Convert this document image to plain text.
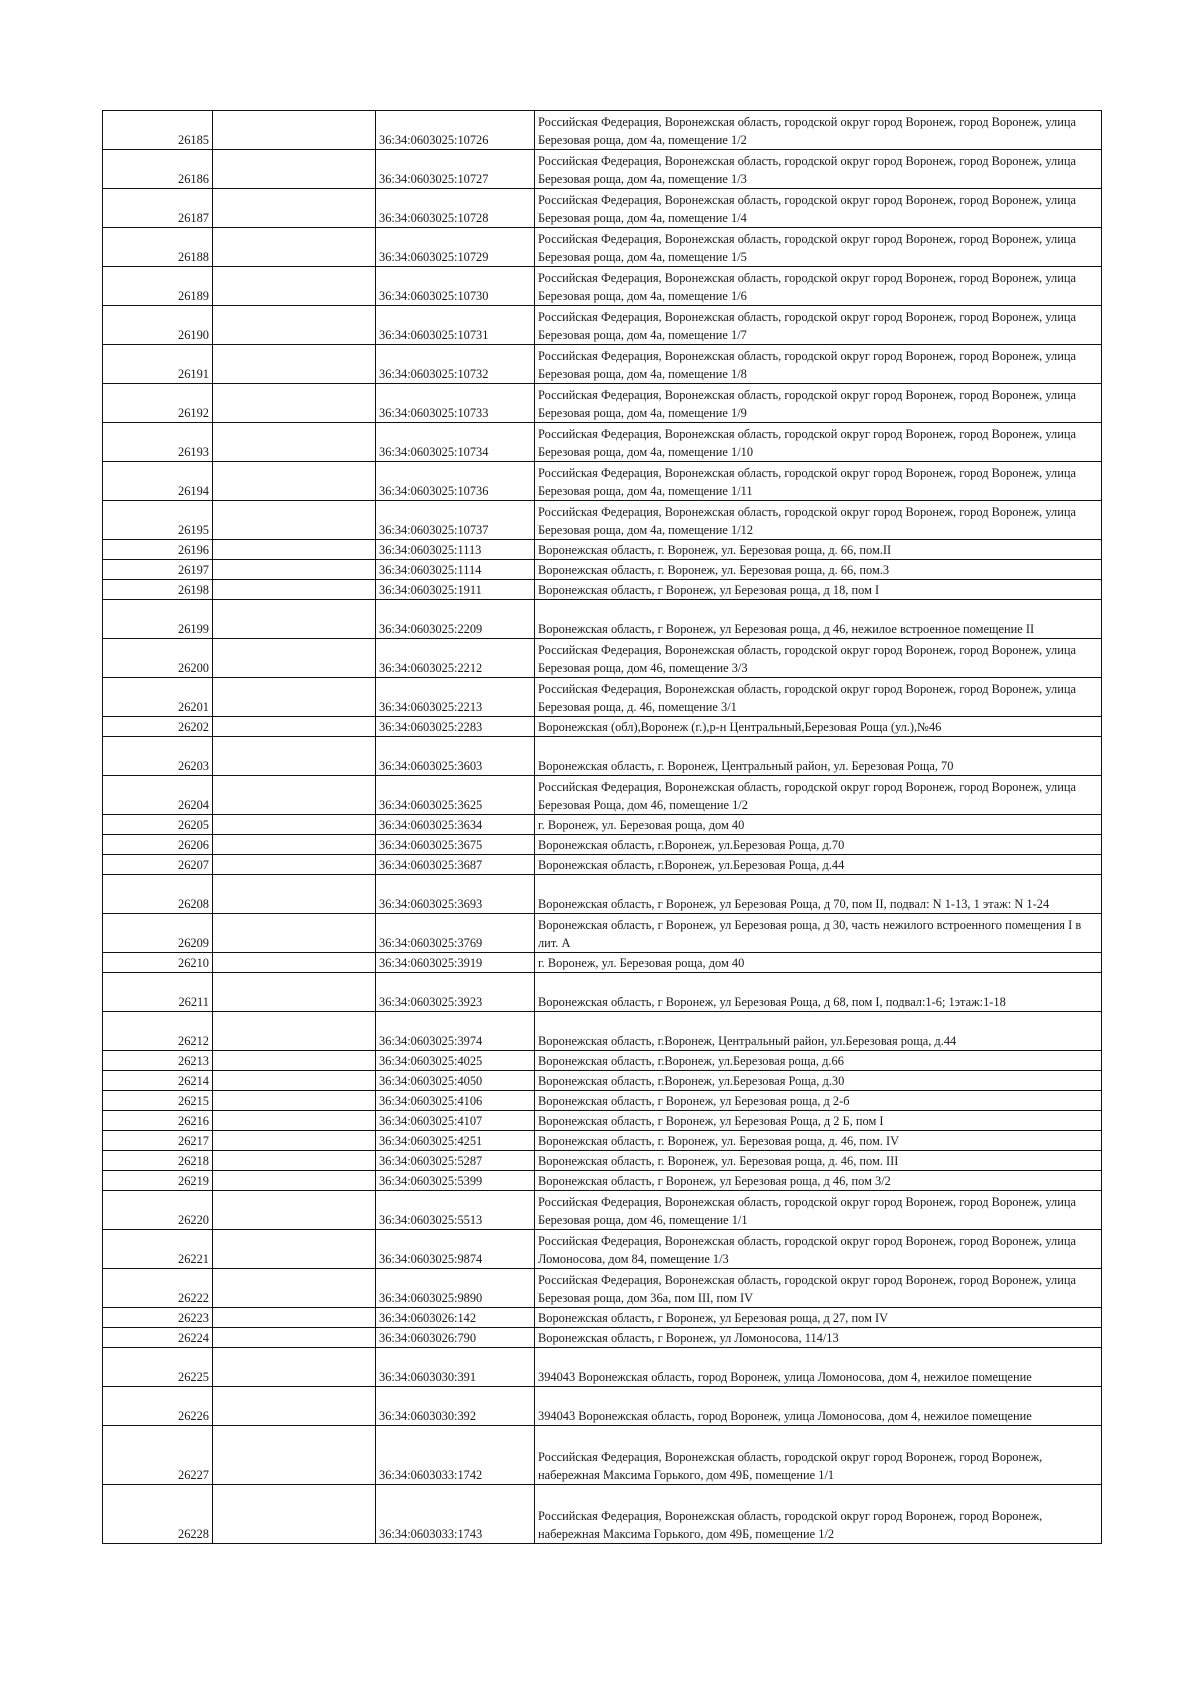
26185		36:34:0603025:10726	Российская Федерация, Воронежская область, городской округ город Воронеж, город Воронеж, улица Березовая роща, дом 4а, помещение 1/2
26186		36:34:0603025:10727	Российская Федерация, Воронежская область, городской округ город Воронеж, город Воронеж, улица Березовая роща, дом 4а, помещение 1/3
26187		36:34:0603025:10728	Российская Федерация, Воронежская область, городской округ город Воронеж, город Воронеж, улица Березовая роща, дом 4а, помещение 1/4
26188		36:34:0603025:10729	Российская Федерация, Воронежская область, городской округ город Воронеж, город Воронеж, улица Березовая роща, дом 4а, помещение 1/5
26189		36:34:0603025:10730	Российская Федерация, Воронежская область, городской округ город Воронеж, город Воронеж, улица Березовая роща, дом 4а, помещение 1/6
26190		36:34:0603025:10731	Российская Федерация, Воронежская область, городской округ город Воронеж, город Воронеж, улица Березовая роща, дом 4а, помещение 1/7
26191		36:34:0603025:10732	Российская Федерация, Воронежская область, городской округ город Воронеж, город Воронеж, улица Березовая роща, дом 4а, помещение 1/8
26192		36:34:0603025:10733	Российская Федерация, Воронежская область, городской округ город Воронеж, город Воронеж, улица Березовая роща, дом 4а, помещение 1/9
26193		36:34:0603025:10734	Российская Федерация, Воронежская область, городской округ город Воронеж, город Воронеж, улица Березовая роща, дом 4а, помещение 1/10
26194		36:34:0603025:10736	Российская Федерация, Воронежская область, городской округ город Воронеж, город Воронеж, улица Березовая роща, дом 4а, помещение 1/11
26195		36:34:0603025:10737	Российская Федерация, Воронежская область, городской округ город Воронеж, город Воронеж, улица Березовая роща, дом 4а, помещение 1/12
26196		36:34:0603025:1113	Воронежская область, г. Воронеж, ул. Березовая роща, д. 66, пом.II
26197		36:34:0603025:1114	Воронежская область, г. Воронеж, ул. Березовая роща, д. 66, пом.3
26198		36:34:0603025:1911	Воронежская область, г Воронеж, ул Березовая роща, д 18, пом I
26199		36:34:0603025:2209	Воронежская область, г Воронеж, ул Березовая роща, д 46, нежилое встроенное помещение II
26200		36:34:0603025:2212	Российская Федерация, Воронежская область, городской округ город Воронеж, город Воронеж, улица Березовая роща, дом 46, помещение 3/3
26201		36:34:0603025:2213	Российская Федерация, Воронежская область, городской округ город Воронеж, город Воронеж, улица Березовая роща, д. 46, помещение 3/1
26202		36:34:0603025:2283	Воронежская (обл),Воронеж (г.),р-н Центральный,Березовая Роща (ул.),№46
26203		36:34:0603025:3603	Воронежская область, г. Воронеж, Центральный район, ул. Березовая Роща, 70
26204		36:34:0603025:3625	Российская Федерация, Воронежская область, городской округ город Воронеж, город Воронеж, улица Березовая Роща, дом 46, помещение 1/2
26205		36:34:0603025:3634	г. Воронеж, ул. Березовая роща, дом 40
26206		36:34:0603025:3675	Воронежская область, г.Воронеж, ул.Березовая Роща, д.70
26207		36:34:0603025:3687	Воронежская область, г.Воронеж, ул.Березовая Роща, д.44
26208		36:34:0603025:3693	Воронежская область, г Воронеж, ул Березовая Роща, д 70, пом II, подвал: N 1-13, 1 этаж: N 1-24
26209		36:34:0603025:3769	Воронежская область, г Воронеж, ул Березовая роща, д 30, часть нежилого встроенного помещения I в лит. А
26210		36:34:0603025:3919	г. Воронеж, ул. Березовая роща, дом 40
26211		36:34:0603025:3923	Воронежская область, г Воронеж, ул Березовая Роща, д 68, пом I, подвал:1-6; 1этаж:1-18
26212		36:34:0603025:3974	Воронежская область, г.Воронеж, Центральный район, ул.Березовая роща, д.44
26213		36:34:0603025:4025	Воронежская область, г.Воронеж, ул.Березовая роща, д.66
26214		36:34:0603025:4050	Воронежская область, г.Воронеж, ул.Березовая Роща, д.30
26215		36:34:0603025:4106	Воронежская область, г Воронеж, ул Березовая роща, д 2-б
26216		36:34:0603025:4107	Воронежская область, г Воронеж, ул Березовая Роща, д 2 Б, пом I
26217		36:34:0603025:4251	Воронежская область, г. Воронеж, ул. Березовая роща, д. 46, пом. IV
26218		36:34:0603025:5287	Воронежская область, г. Воронеж, ул. Березовая роща, д. 46, пом. III
26219		36:34:0603025:5399	Воронежская область, г Воронеж, ул Березовая роща, д 46, пом 3/2
26220		36:34:0603025:5513	Российская Федерация, Воронежская область, городской округ город Воронеж, город Воронеж, улица Березовая роща, дом 46, помещение 1/1
26221		36:34:0603025:9874	Российская Федерация, Воронежская область, городской округ город Воронеж, город Воронеж, улица Ломоносова, дом 84, помещение 1/3
26222		36:34:0603025:9890	Российская Федерация, Воронежская область, городской округ город Воронеж, город Воронеж, улица Березовая роща, дом 36а, пом III, пом IV
26223		36:34:0603026:142	Воронежская область, г Воронеж, ул Березовая роща, д 27, пом IV
26224		36:34:0603026:790	Воронежская область, г Воронеж, ул Ломоносова, 114/13
26225		36:34:0603030:391	394043 Воронежская область, город Воронеж, улица Ломоносова, дом 4, нежилое помещение
26226		36:34:0603030:392	394043 Воронежская область, город Воронеж, улица Ломоносова, дом 4, нежилое помещение
26227		36:34:0603033:1742	Российская Федерация, Воронежская область, городской округ город Воронеж, город Воронеж, набережная Максима Горького, дом 49Б, помещение 1/1
26228		36:34:0603033:1743	Российская Федерация, Воронежская область, городской округ город Воронеж, город Воронеж, набережная Максима Горького, дом 49Б, помещение 1/2
